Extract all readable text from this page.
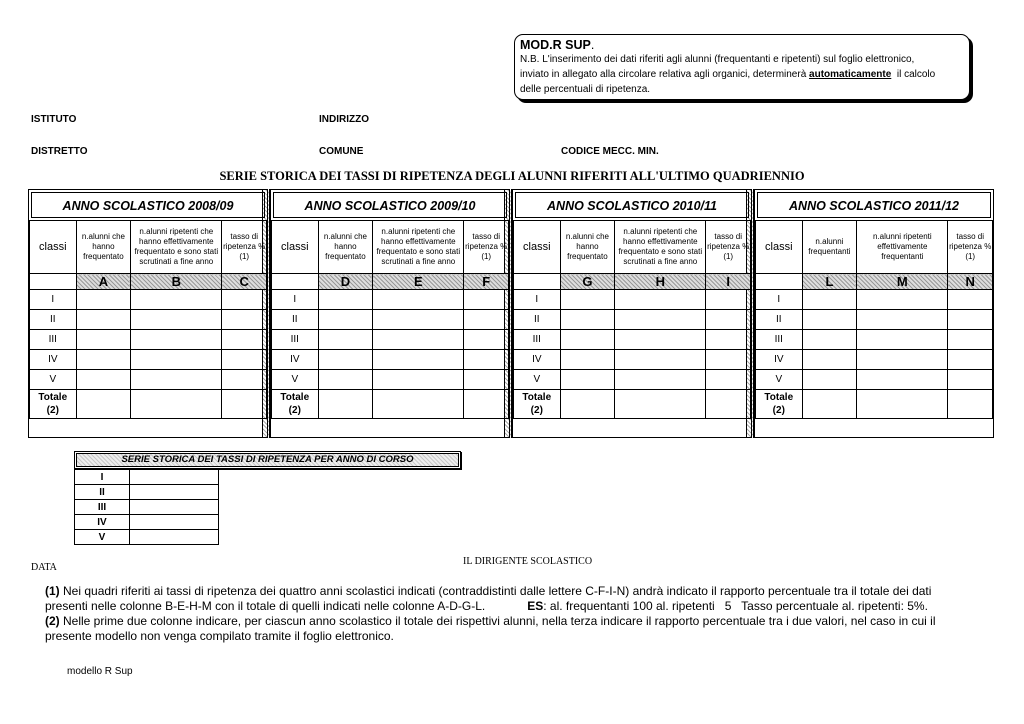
MOD.R SUP.
N.B. L'inserimento dei dati riferiti agli alunni (frequentanti e ripetenti) sul foglio elettronico,
inviato in allegato alla circolare relativa agli organici, determinerà automaticamente  il calcolo
delle percentuali di ripetenza.
ISTITUTO	INDIRIZZO
DISTRETTO	COMUNE	CODICE MECC. MIN.
SERIE STORICA DEI TASSI DI RIPETENZA DEGLI ALUNNI RIFERITI ALL'ULTIMO QUADRIENNIO
ANNO SCOLASTICO 2008/09
classi	n.alunni che hanno frequentato	n.alunni ripetenti che hanno effettivamente frequentato e sono stati scrutinati a fine anno	tasso di ripetenza % (1)
	A	B	C
I			
II			
III			
IV			
V			

Totale
(2)			

ANNO SCOLASTICO 2009/10
classi	n.alunni che hanno frequentato	n.alunni ripetenti che hanno effettivamente frequentato e sono stati scrutinati a fine anno	tasso di ripetenza % (1)
	D	E	F
I			
II			
III			
IV			
V			

Totale
(2)			

ANNO SCOLASTICO 2010/11
classi	n.alunni che hanno frequentato	n.alunni ripetenti che hanno effettivamente frequentato e sono stati scrutinati a fine anno	tasso di ripetenza % (1)
	G	H	I
I			
II			
III			
IV			
V			

Totale
(2)			

ANNO SCOLASTICO 2011/12
classi	n.alunni frequentanti	n.alunni ripetenti effettivamente frequentanti	tasso di ripetenza % (1)
	L	M	N
I			
II			
III			
IV			
V			

Totale
(2)			

SERIE STORICA DEI TASSI DI RIPETENZA PER ANNO DI CORSO
I	
II	
III	
IV	
V	
DATA
IL DIRIGENTE SCOLASTICO
(1) Nei quadri riferiti ai tassi di ripetenza dei quattro anni scolastici indicati (contraddistinti dalle lettere C-F-I-N) andrà indicato il rapporto percentuale tra il totale dei dati
presenti nelle colonne B-E-H-M con il totale di quelli indicati nelle colonne A-D-G-L.	ES: al. frequentanti 100 al. ripetenti   5   Tasso percentuale al. ripetenti: 5%.
(2) Nelle prime due colonne indicare, per ciascun anno scolastico il totale dei rispettivi alunni, nella terza indicare il rapporto percentuale tra i due valori, nel caso in cui il
presente modello non venga compilato tramite il foglio elettronico.
modello R Sup
